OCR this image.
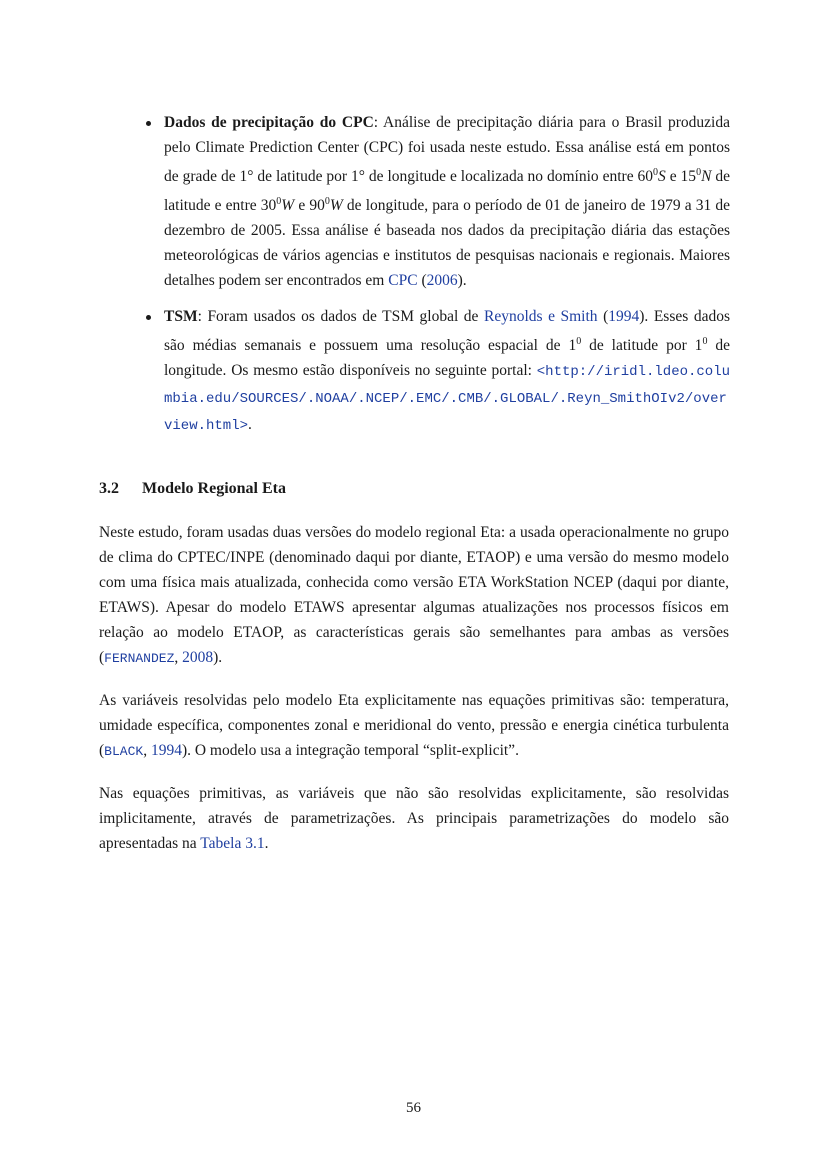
Dados de precipitação do CPC: Análise de precipitação diária para o Brasil produzida pelo Climate Prediction Center (CPC) foi usada neste estudo. Essa análise está em pontos de grade de 1° de latitude por 1° de longitude e localizada no domínio entre $60^0S$ e $15^0N$ de latitude e entre $30^0W$ e $90^0W$ de longitude, para o período de 01 de janeiro de 1979 a 31 de dezembro de 2005. Essa análise é baseada nos dados da precipitação diária das estações meteorológicas de vários agencias e institutos de pesquisas nacionais e regionais. Maiores detalhes podem ser encontrados em CPC (2006).
TSM: Foram usados os dados de TSM global de Reynolds e Smith (1994). Esses dados são médias semanais e possuem uma resolução espacial de $1^0$ de latitude por $1^0$ de longitude. Os mesmo estão disponíveis no seguinte portal: <http://iridl.ldeo.columbia.edu/SOURCES/.NOAA/.NCEP/.EMC/.CMB/.GLOBAL/.Reyn_SmithOIv2/overview.html>.
3.2 Modelo Regional Eta

Neste estudo, foram usadas duas versões do modelo regional Eta: a usada operacionalmente no grupo de clima do CPTEC/INPE (denominado daqui por diante, ETAOP) e uma versão do mesmo modelo com uma física mais atualizada, conhecida como versão ETA WorkStation NCEP (daqui por diante, ETAWS). Apesar do modelo ETAWS apresentar algumas atualizações nos processos físicos em relação ao modelo ETAOP, as características gerais são semelhantes para ambas as versões (FERNANDEZ, 2008).

As variáveis resolvidas pelo modelo Eta explicitamente nas equações primitivas são: temperatura, umidade específica, componentes zonal e meridional do vento, pressão e energia cinética turbulenta (BLACK, 1994). O modelo usa a integração temporal “split-explicit”.

Nas equações primitivas, as variáveis que não são resolvidas explicitamente, são resolvidas implicitamente, através de parametrizações. As principais parametrizações do modelo são apresentadas na Tabela 3.1.

56
